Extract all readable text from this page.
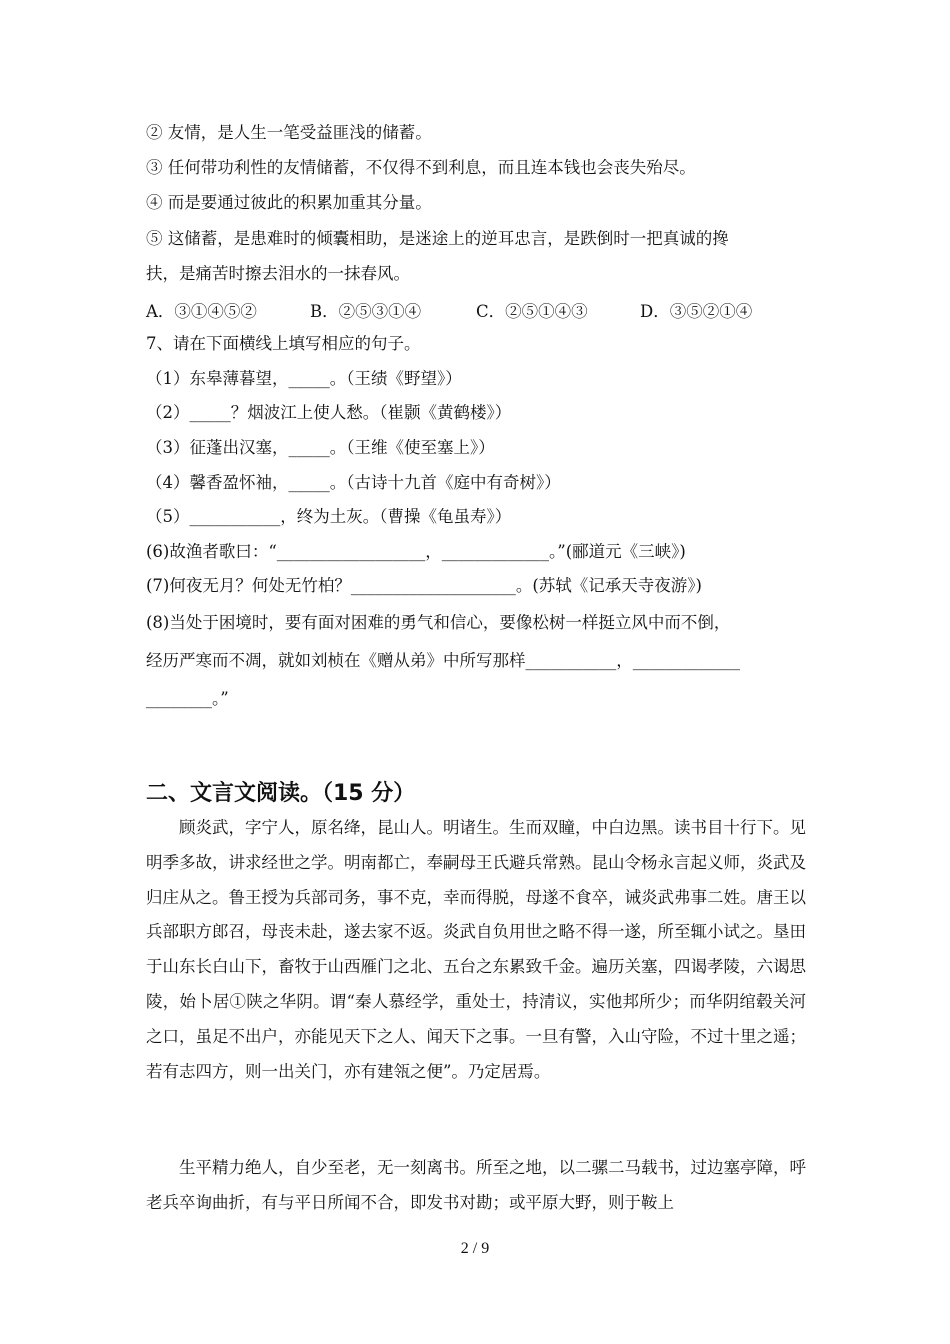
② 友情，是人生一笔受益匪浅的储蓄。
③ 任何带功利性的友情储蓄，不仅得不到利息，而且连本钱也会丧失殆尽。
④ 而是要通过彼此的积累加重其分量。
⑤ 这储蓄，是患难时的倾囊相助，是迷途上的逆耳忠言，是跌倒时一把真诚的搀
扶，是痛苦时擦去泪水的一抹春风。
A．③①④⑤②	B．②⑤③①④	C．②⑤①④③	D．③⑤②①④
7、请在下面横线上填写相应的句子。
（1）东皋薄暮望，_____。（王绩《野望》）
（2）_____？烟波江上使人愁。（崔颢《黄鹤楼》）
（3）征蓬出汉塞，_____。（王维《使至塞上》）
（4）馨香盈怀袖，_____。（古诗十九首《庭中有奇树》）
（5）___________，终为土灰。（曹操《龟虽寿》）
(6)故渔者歌曰：“__________________，_____________。”(郦道元《三峡》)
(7)何夜无月？何处无竹柏？____________________。(苏轼《记承天寺夜游》)
(8)当处于困境时，要有面对困难的勇气和信心，要像松树一样挺立风中而不倒，
经历严寒而不凋，就如刘桢在《赠从弟》中所写那样___________，_____________
________。”
二、文言文阅读。（15 分）

顾炎武，字宁人，原名绛，昆山人。明诸生。生而双瞳，中白边黑。读书目十行下。见明季多故，讲求经世之学。明南都亡，奉嗣母王氏避兵常熟。昆山令杨永言起义师，炎武及归庄从之。鲁王授为兵部司务，事不克，幸而得脱，母遂不食卒，诫炎武弗事二姓。唐王以兵部职方郎召，母丧未赴，遂去家不返。炎武自负用世之略不得一遂，所至辄小试之。垦田于山东长白山下，畜牧于山西雁门之北、五台之东累致千金。遍历关塞，四谒孝陵，六谒思陵，始卜居①陕之华阴。谓“秦人慕经学，重处士，持清议，实他邦所少；而华阴绾毂关河之口，虽足不出户，亦能见天下之人、闻天下之事。一旦有警，入山守险，不过十里之遥；若有志四方，则一出关门，亦有建瓴之便”。乃定居焉。

生平精力绝人，自少至老，无一刻离书。所至之地，以二骡二马载书，过边塞亭障，呼老兵卒询曲折，有与平日所闻不合，即发书对勘；或平原大野，则于鞍上

2 / 9
